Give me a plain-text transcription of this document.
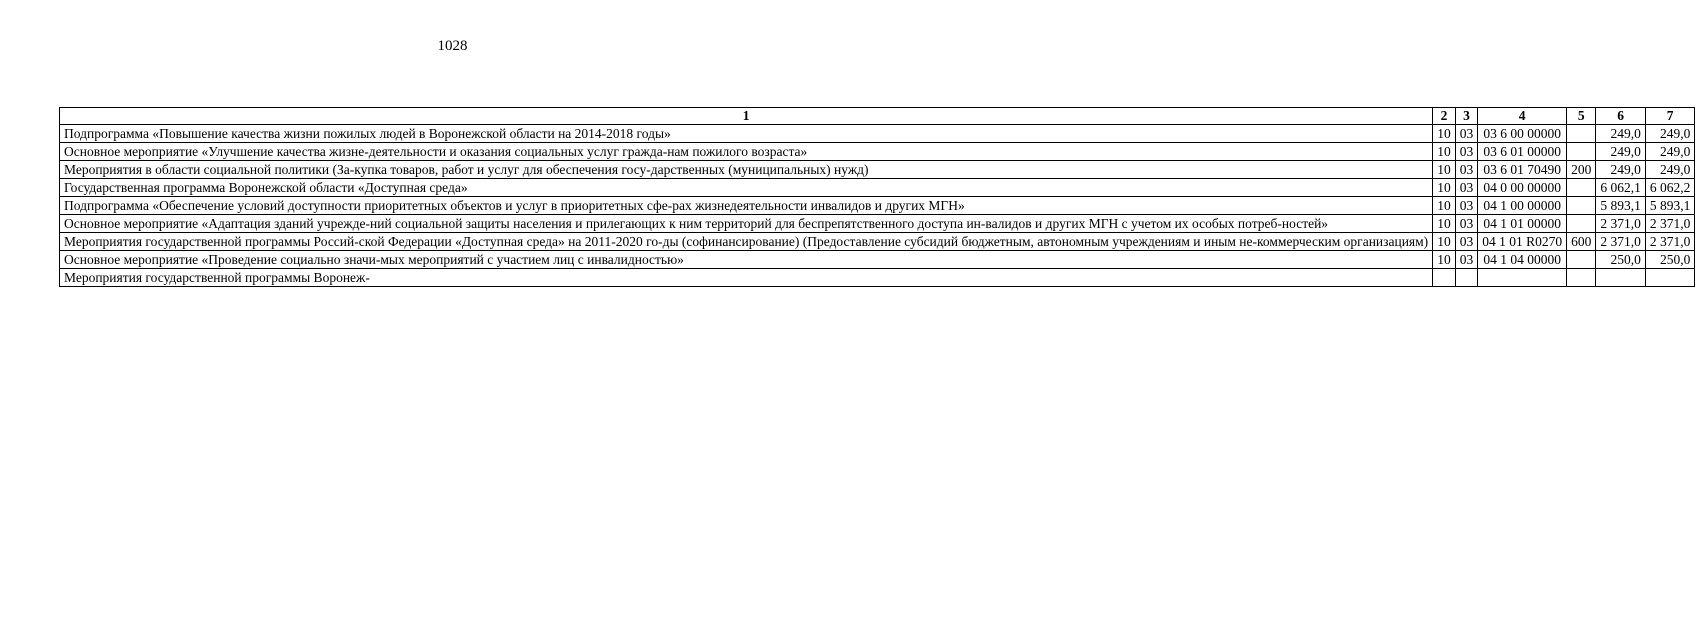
1028
1	2	3	4	5	6	7
Подпрограмма «Повышение качества жизни пожилых людей в Воронежской области на 2014-2018 годы»	10	03	03 6 00 00000		249,0	249,0
Основное мероприятие «Улучшение качества жизне-деятельности и оказания социальных услуг гражда-нам пожилого возраста»	10	03	03 6 01 00000		249,0	249,0
Мероприятия в области социальной политики (За-купка товаров, работ и услуг для обеспечения госу-дарственных (муниципальных) нужд)	10	03	03 6 01 70490	200	249,0	249,0
Государственная программа Воронежской области «Доступная среда»	10	03	04 0 00 00000		6 062,1	6 062,2
Подпрограмма «Обеспечение условий доступности приоритетных объектов и услуг в приоритетных сфе-рах жизнедеятельности инвалидов и других МГН»	10	03	04 1 00 00000		5 893,1	5 893,1
Основное мероприятие «Адаптация зданий учрежде-ний социальной защиты населения и прилегающих к ним территорий для беспрепятственного доступа ин-валидов и других МГН с учетом их особых потреб-ностей»	10	03	04 1 01 00000		2 371,0	2 371,0
Мероприятия государственной программы Россий-ской Федерации «Доступная среда» на 2011-2020 го-ды (софинансирование) (Предоставление субсидий бюджетным, автономным учреждениям и иным не-коммерческим организациям)	10	03	04 1 01 R0270	600	2 371,0	2 371,0
Основное мероприятие «Проведение социально значи-мых мероприятий с участием лиц с инвалидностью»	10	03	04 1 04 00000		250,0	250,0
Мероприятия государственной программы Воронеж-						
